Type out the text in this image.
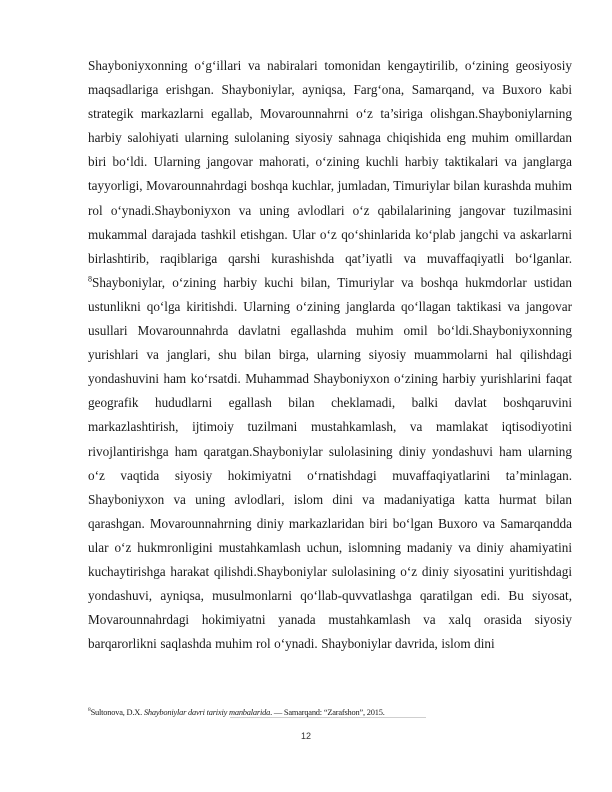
Shayboniyxonning o‘g‘illari va nabiralari tomonidan kengaytirilib, o‘zining geosiyosiy maqsadlariga erishgan. Shayboniylar, ayniqsa, Farg‘ona, Samarqand, va Buxoro kabi strategik markazlarni egallab, Movarounnahrni o‘z ta’siriga olishgan.Shayboniylarning harbiy salohiyati ularning sulolaning siyosiy sahnaga chiqishida eng muhim omillardan biri bo‘ldi. Ularning jangovar mahorati, o‘zining kuchli harbiy taktikalari va janglarga tayyorligi, Movarounnahrdagi boshqa kuchlar, jumladan, Timuriylar bilan kurashda muhim rol o‘ynadi.Shayboniyxon va uning avlodlari o‘z qabilalarining jangovar tuzilmasini mukammal darajada tashkil etishgan. Ular o‘z qo‘shinlarida ko‘plab jangchi va askarlarni birlashtirib, raqiblariga qarshi kurashishda qat’iyatli va muvaffaqiyatli bo‘lganlar. $^8$Shayboniylar, o‘zining harbiy kuchi bilan, Timuriylar va boshqa hukmdorlar ustidan ustunlikni qo‘lga kiritishdi. Ularning o‘zining janglarda qo‘llagan taktikasi va jangovar usullari Movarounnahrda davlatni egallashda muhim omil bo‘ldi.Shayboniyxonning yurishlari va janglari, shu bilan birga, ularning siyosiy muammolarni hal qilishdagi yondashuvini ham ko‘rsatdi. Muhammad Shayboniyxon o‘zining harbiy yurishlarini faqat geografik hududlarni egallash bilan cheklamadi, balki davlat boshqaruvini markazlashtirish, ijtimoiy tuzilmani mustahkamlash, va mamlakat iqtisodiyotini rivojlantirishga ham qaratgan.Shayboniylar sulolasining diniy yondashuvi ham ularning o‘z vaqtida siyosiy hokimiyatni o‘rnatishdagi muvaffaqiyatlarini ta’minlagan. Shayboniyxon va uning avlodlari, islom dini va madaniyatiga katta hurmat bilan qarashgan. Movarounnahrning diniy markazlaridan biri bo‘lgan Buxoro va Samarqandda ular o‘z hukmronligini mustahkamlash uchun, islomning madaniy va diniy ahamiyatini kuchaytirishga harakat qilishdi.Shayboniylar sulolasining o‘z diniy siyosatini yuritishdagi yondashuvi, ayniqsa, musulmonlarni qo‘llab-quvvatlashga qaratilgan edi. Bu siyosat, Movarounnahrdagi hokimiyatni yanada mustahkamlash va xalq orasida siyosiy barqarorlikni saqlashda muhim rol o‘ynadi. Shayboniylar davrida, islom dini

$^8$Sultonova, D.X. Shayboniylar davri tarixiy manbalarida. — Samarqand: “Zarafshon”, 2015.

12
